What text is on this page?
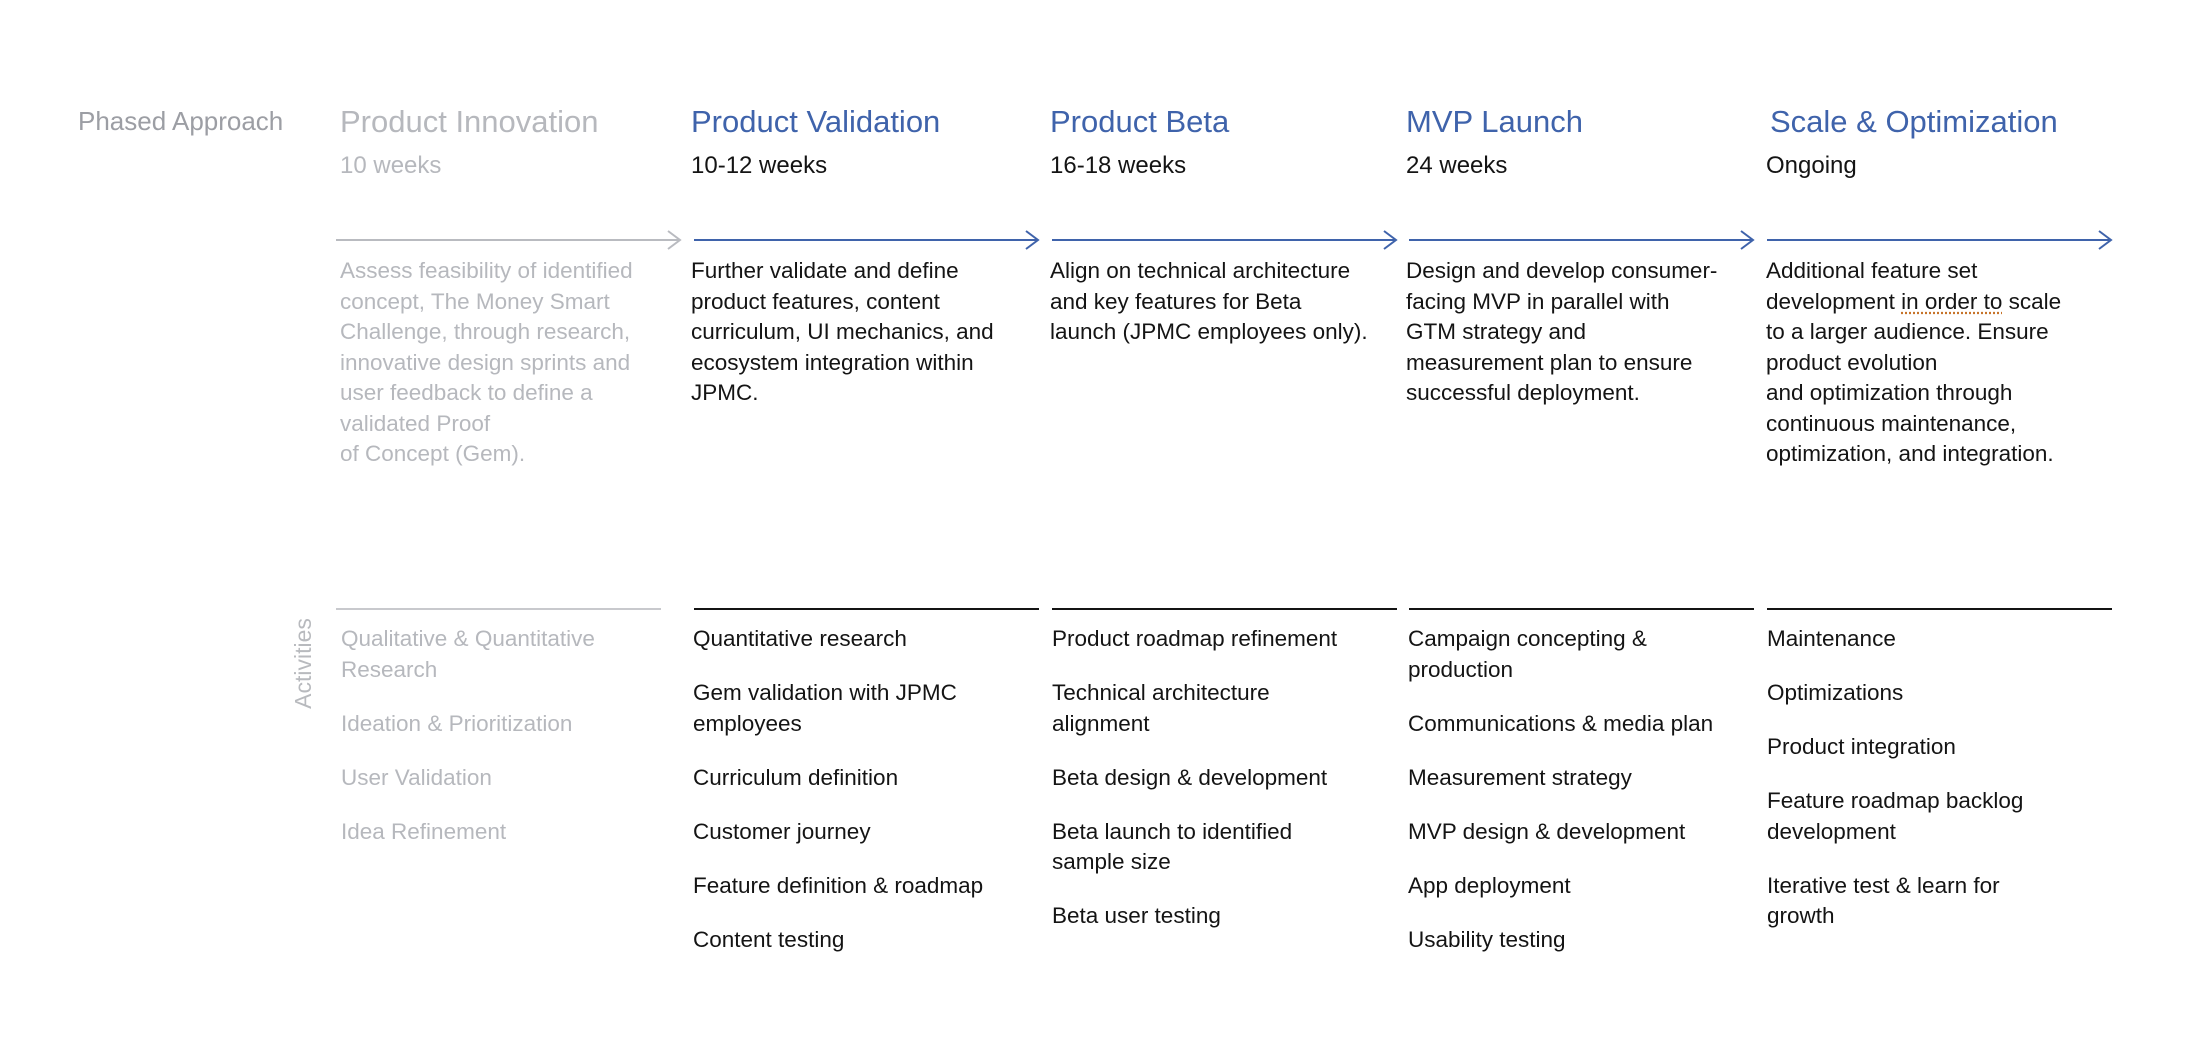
Phased Approach
Activities
Product Innovation
10 weeks
Assess feasibility of identified
concept, The Money Smart
Challenge, through research,
innovative design sprints and
user feedback to define a
validated Proof
of Concept (Gem).
Qualitative & Quantitative
Research
Ideation & Prioritization
User Validation
Idea Refinement
Product Validation
10-12 weeks
Further validate and define
product features, content
curriculum, UI mechanics, and
ecosystem integration within
JPMC.
Quantitative research
Gem validation with JPMC
employees
Curriculum definition
Customer journey
Feature definition & roadmap
Content testing
Product Beta
16-18 weeks
Align on technical architecture
and key features for Beta
launch (JPMC employees only).
Product roadmap refinement
Technical architecture
alignment
Beta design & development
Beta launch to identified
sample size
Beta user testing
MVP Launch
24 weeks
Design and develop consumer-
facing MVP in parallel with
GTM strategy and
measurement plan to ensure
successful deployment.
Campaign concepting &
production
Communications & media plan
Measurement strategy
MVP design & development
App deployment
Usability testing
Scale & Optimization
Ongoing
Additional feature set
development in order to scale
to a larger audience. Ensure
product evolution
and optimization through
continuous maintenance,
optimization, and integration.
Maintenance
Optimizations
Product integration
Feature roadmap backlog
development
Iterative test & learn for
growth
